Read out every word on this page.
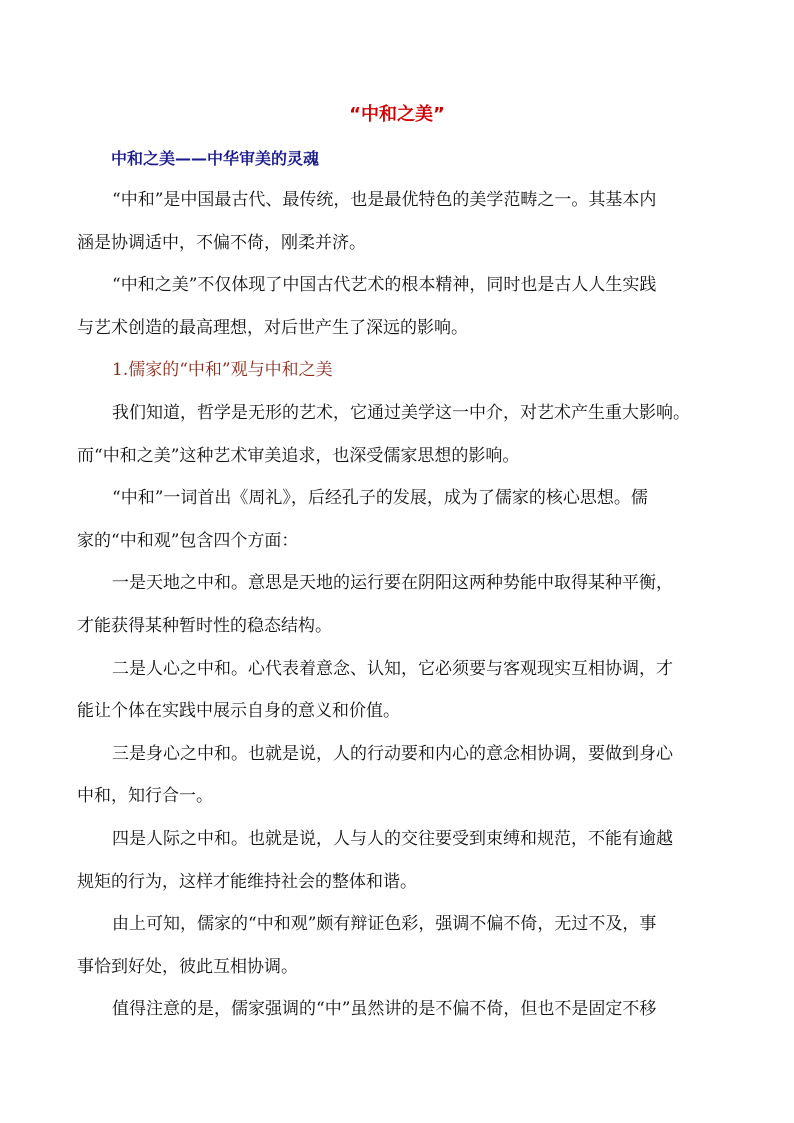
“中和之美”
中和之美——中华审美的灵魂
“中和”是中国最古代、最传统，也是最优特色的美学范畴之一。其基本内
涵是协调适中，不偏不倚，刚柔并济。
“中和之美”不仅体现了中国古代艺术的根本精神，同时也是古人人生实践
与艺术创造的最高理想，对后世产生了深远的影响。
1.儒家的“中和”观与中和之美
我们知道，哲学是无形的艺术，它通过美学这一中介，对艺术产生重大影响。
而“中和之美”这种艺术审美追求，也深受儒家思想的影响。
“中和”一词首出《周礼》，后经孔子的发展，成为了儒家的核心思想。儒
家的“中和观”包含四个方面：
一是天地之中和。意思是天地的运行要在阴阳这两种势能中取得某种平衡，
才能获得某种暂时性的稳态结构。
二是人心之中和。心代表着意念、认知，它必须要与客观现实互相协调，才
能让个体在实践中展示自身的意义和价值。
三是身心之中和。也就是说，人的行动要和内心的意念相协调，要做到身心
中和，知行合一。
四是人际之中和。也就是说，人与人的交往要受到束缚和规范，不能有逾越
规矩的行为，这样才能维持社会的整体和谐。
由上可知，儒家的“中和观”颇有辩证色彩，强调不偏不倚，无过不及，事
事恰到好处，彼此互相协调。
值得注意的是，儒家强调的“中”虽然讲的是不偏不倚，但也不是固定不移
